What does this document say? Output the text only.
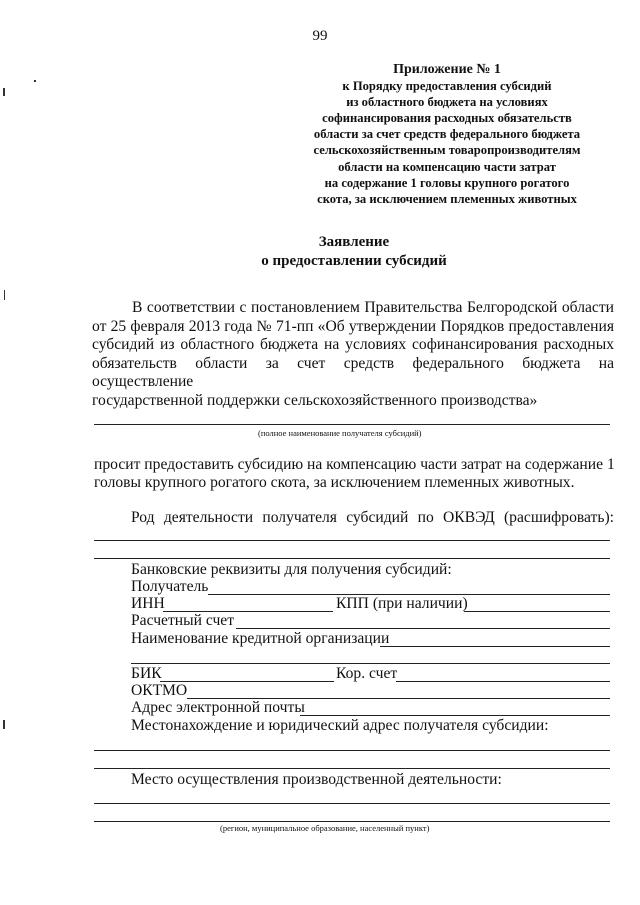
99
Приложение № 1
к Порядку предоставления субсидий
из областного бюджета на условиях
софинансирования расходных обязательств
области за счет средств федерального бюджета
сельскохозяйственным товаропроизводителям
области на компенсацию части затрат
на содержание 1 головы крупного рогатого
скота, за исключением племенных животных
Заявление
о предоставлении субсидий
В соответствии с постановлением Правительства Белгородской области
от 25 февраля 2013 года № 71-пп «Об утверждении Порядков предоставления
субсидий из областного бюджета на условиях софинансирования расходных
обязательств области за счет средств федерального бюджета на осуществление
государственной поддержки сельскохозяйственного производства»
(полное наименование получателя субсидий)
просит предоставить субсидию на компенсацию части затрат на содержание 1
головы крупного рогатого скота, за исключением племенных животных.
Род деятельности получателя субсидий по ОКВЭД (расшифровать):
Банковские реквизиты для получения субсидий:
Получатель
ИНН	КПП (при наличии)
Расчетный счет
Наименование кредитной организации
БИК	Кор. счет
ОКТМО
Адрес электронной почты
Местонахождение и юридический адрес получателя субсидии:
Место осуществления производственной деятельности:
(регион, муниципальное образование, населенный пункт)
